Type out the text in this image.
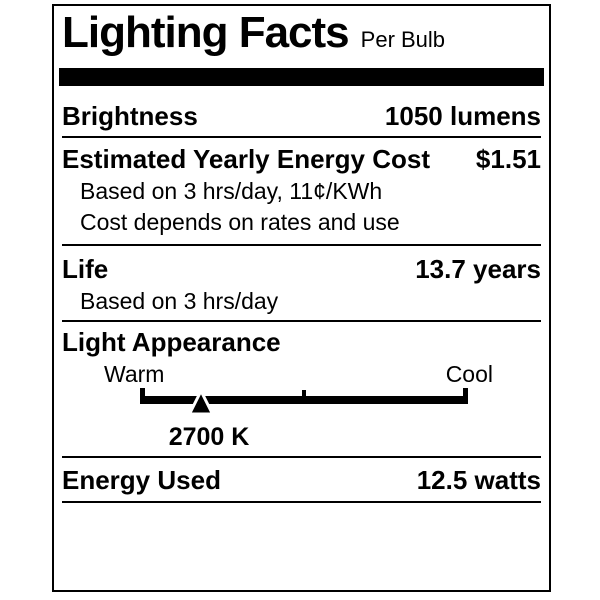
Lighting Facts Per Bulb
Brightness	1050 lumens
Estimated Yearly Energy Cost $1.51
Based on 3 hrs/day, 11¢/KWh
Cost depends on rates and use
Life	13.7 years
Based on 3 hrs/day
Light Appearance
Warm	Cool
2700 K
Energy Used	12.5 watts
